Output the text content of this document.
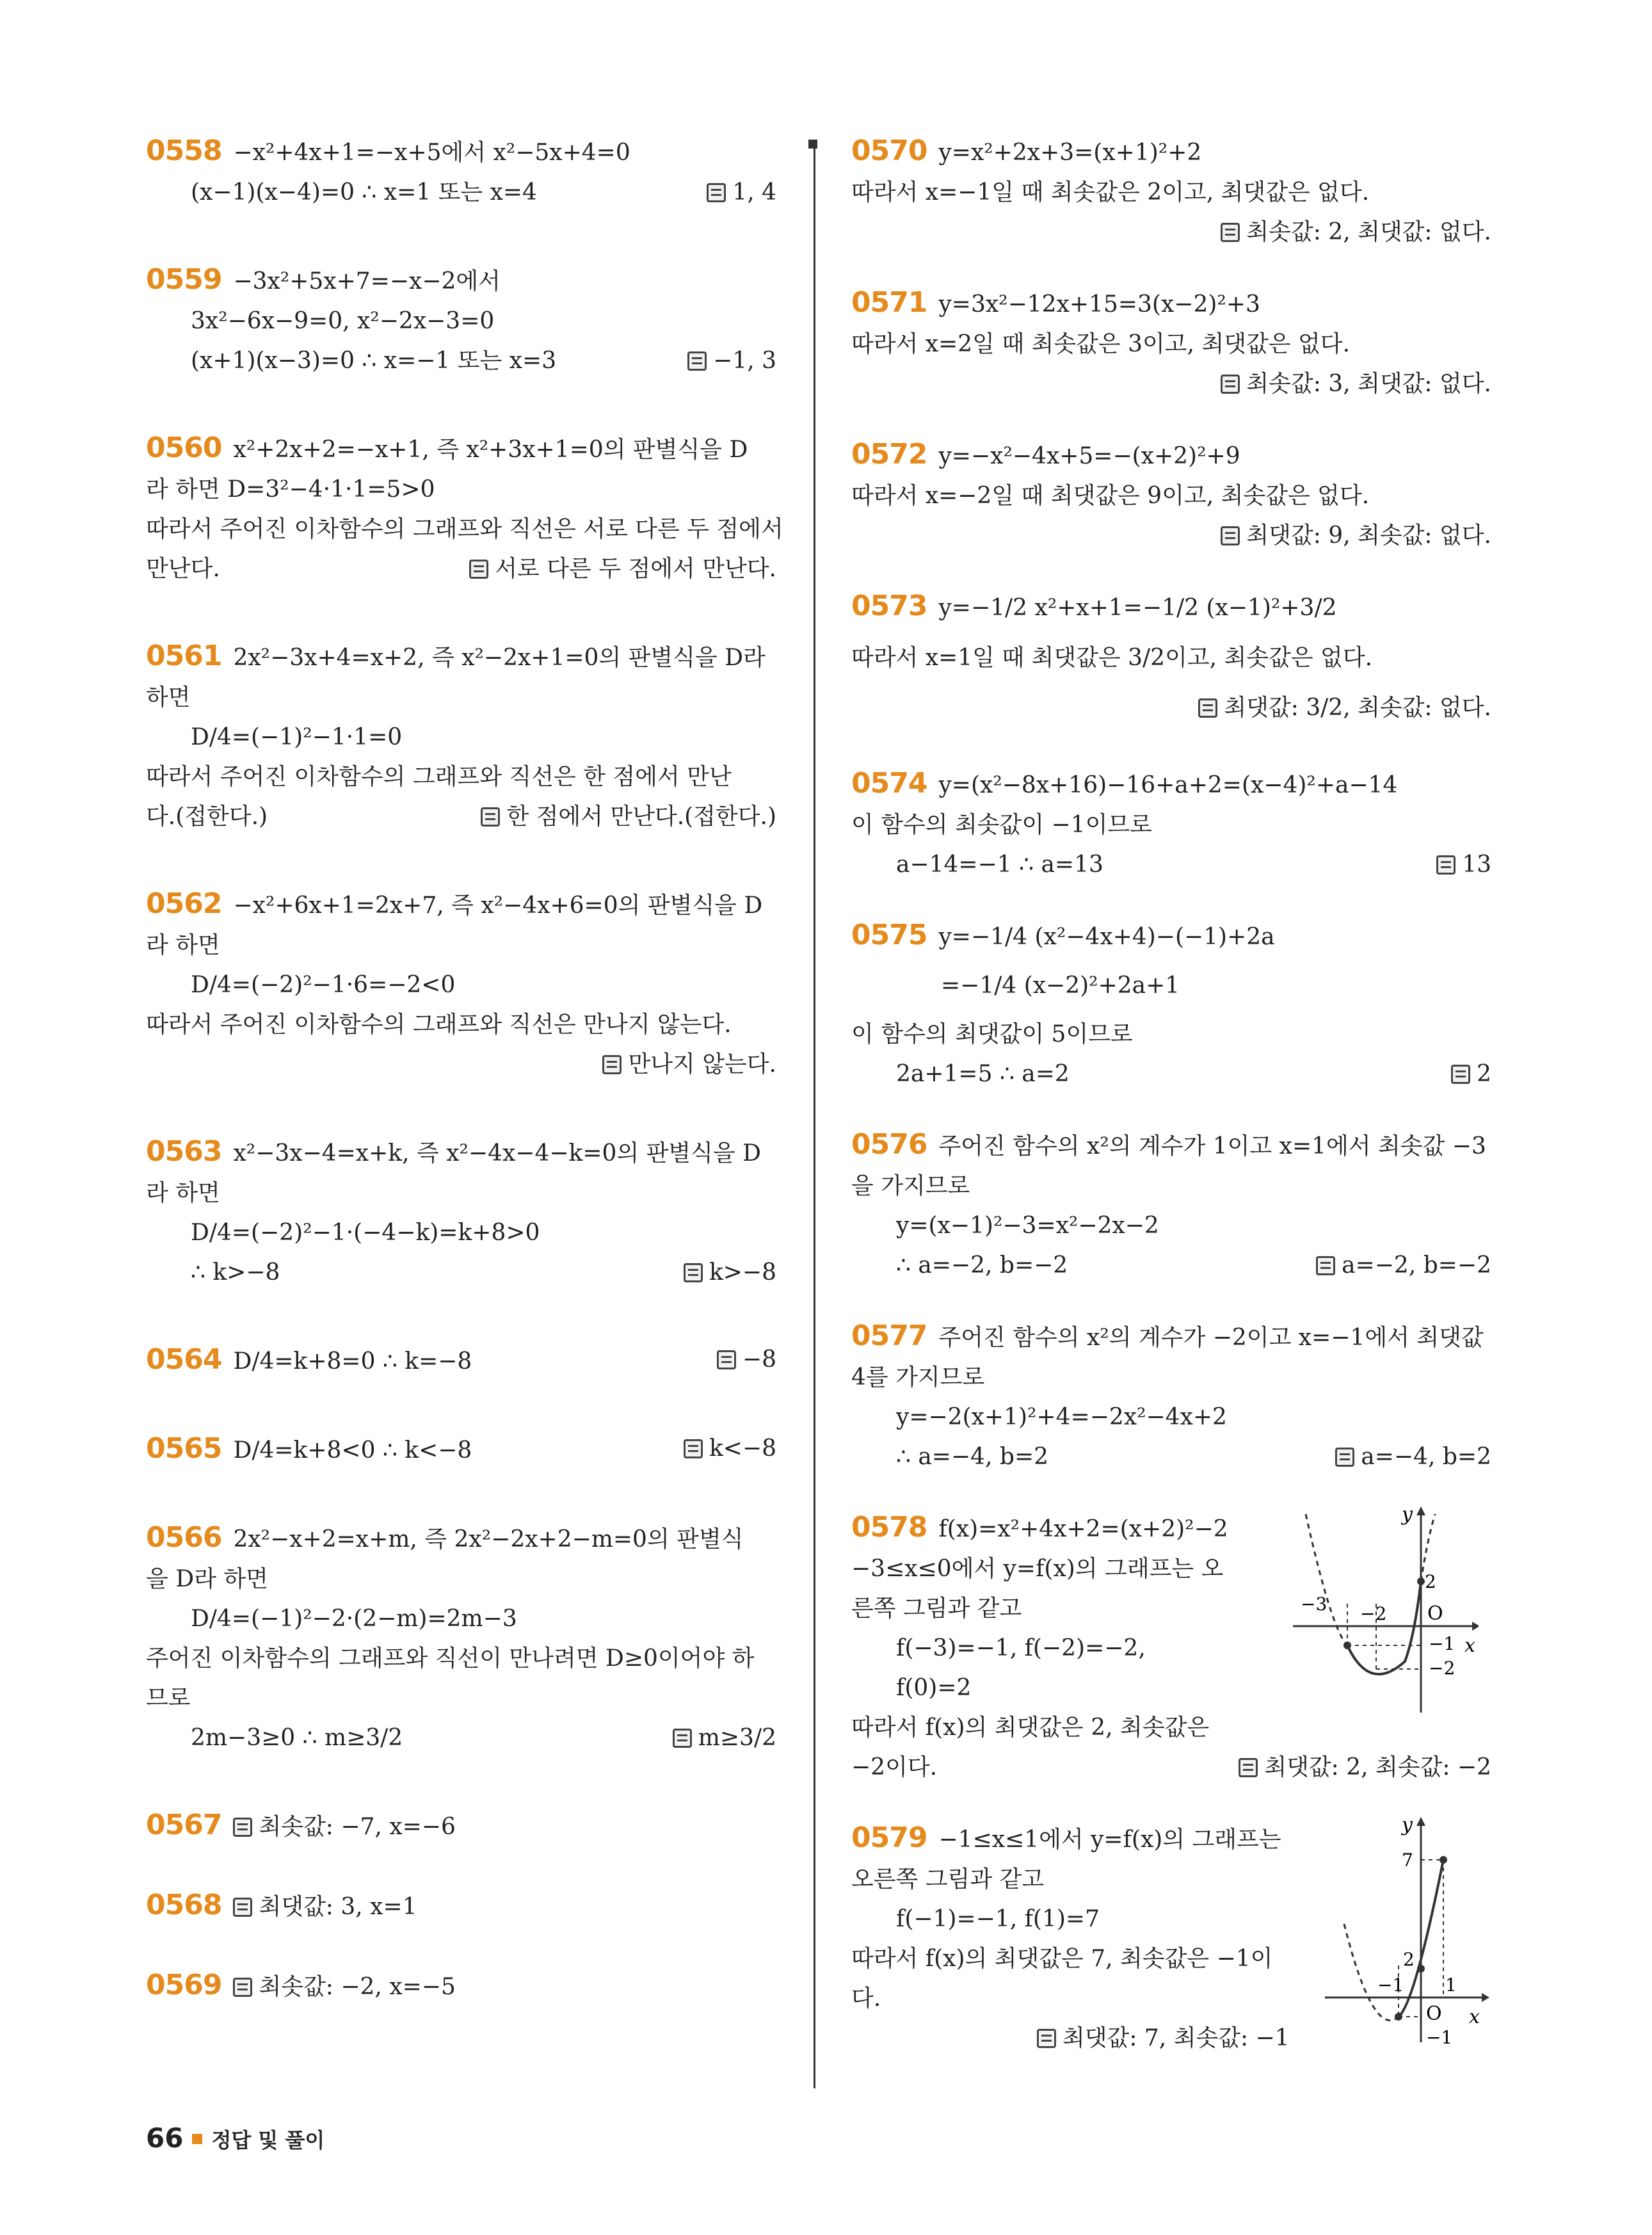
0558 −x²+4x+1=−x+5에서 x²−5x+4=0
(x−1)(x−4)=0 ∴ x=1 또는 x=4	1, 4
0559 −3x²+5x+7=−x−2에서
3x²−6x−9=0, x²−2x−3=0
(x+1)(x−3)=0 ∴ x=−1 또는 x=3	−1, 3
0560 x²+2x+2=−x+1, 즉 x²+3x+1=0의 판별식을 D
라 하면 D=3²−4·1·1=5>0
따라서 주어진 이차함수의 그래프와 직선은 서로 다른 두 점에서
만난다.	서로 다른 두 점에서 만난다.
0561 2x²−3x+4=x+2, 즉 x²−2x+1=0의 판별식을 D라
하면
D/4=(−1)²−1·1=0
따라서 주어진 이차함수의 그래프와 직선은 한 점에서 만난
다.(접한다.)	한 점에서 만난다.(접한다.)
0562 −x²+6x+1=2x+7, 즉 x²−4x+6=0의 판별식을 D
라 하면
D/4=(−2)²−1·6=−2<0
따라서 주어진 이차함수의 그래프와 직선은 만나지 않는다.
만나지 않는다.
0563 x²−3x−4=x+k, 즉 x²−4x−4−k=0의 판별식을 D
라 하면
D/4=(−2)²−1·(−4−k)=k+8>0
∴ k>−8	k>−8
0564 D/4=k+8=0 ∴ k=−8	−8
0565 D/4=k+8<0 ∴ k<−8	k<−8
0566 2x²−x+2=x+m, 즉 2x²−2x+2−m=0의 판별식
을 D라 하면
D/4=(−1)²−2·(2−m)=2m−3
주어진 이차함수의 그래프와 직선이 만나려면 D≥0이어야 하
므로
2m−3≥0 ∴ m≥3/2	m≥3/2
0567 최솟값: −7, x=−6
0568 최댓값: 3, x=1
0569 최솟값: −2, x=−5
0570 y=x²+2x+3=(x+1)²+2
따라서 x=−1일 때 최솟값은 2이고, 최댓값은 없다.
최솟값: 2, 최댓값: 없다.
0571 y=3x²−12x+15=3(x−2)²+3
따라서 x=2일 때 최솟값은 3이고, 최댓값은 없다.
최솟값: 3, 최댓값: 없다.
0572 y=−x²−4x+5=−(x+2)²+9
따라서 x=−2일 때 최댓값은 9이고, 최솟값은 없다.
최댓값: 9, 최솟값: 없다.
0573 y=−1/2 x²+x+1=−1/2 (x−1)²+3/2
따라서 x=1일 때 최댓값은 3/2이고, 최솟값은 없다.
최댓값: 3/2, 최솟값: 없다.
0574 y=(x²−8x+16)−16+a+2=(x−4)²+a−14
이 함수의 최솟값이 −1이므로
a−14=−1 ∴ a=13	13
0575 y=−1/4 (x²−4x+4)−(−1)+2a
=−1/4 (x−2)²+2a+1
이 함수의 최댓값이 5이므로
2a+1=5 ∴ a=2	2
0576 주어진 함수의 x²의 계수가 1이고 x=1에서 최솟값 −3
을 가지므로
y=(x−1)²−3=x²−2x−2
∴ a=−2, b=−2	a=−2, b=−2
0577 주어진 함수의 x²의 계수가 −2이고 x=−1에서 최댓값
4를 가지므로
y=−2(x+1)²+4=−2x²−4x+2
∴ a=−4, b=2	a=−4, b=2
0578 f(x)=x²+4x+2=(x+2)²−2
−3≤x≤0에서 y=f(x)의 그래프는 오
른쪽 그림과 같고
f(−3)=−1, f(−2)=−2,
f(0)=2
따라서 f(x)의 최댓값은 2, 최솟값은
−2이다.	최댓값: 2, 최솟값: −2
y
x
O
2
−3 −2
−1
−2
0579 −1≤x≤1에서 y=f(x)의 그래프는
오른쪽 그림과 같고
f(−1)=−1, f(1)=7
따라서 f(x)의 최댓값은 7, 최솟값은 −1이
다.
최댓값: 7, 최솟값: −1
y
x
O
7
2
−1 1
−1
66 정답 및 풀이
